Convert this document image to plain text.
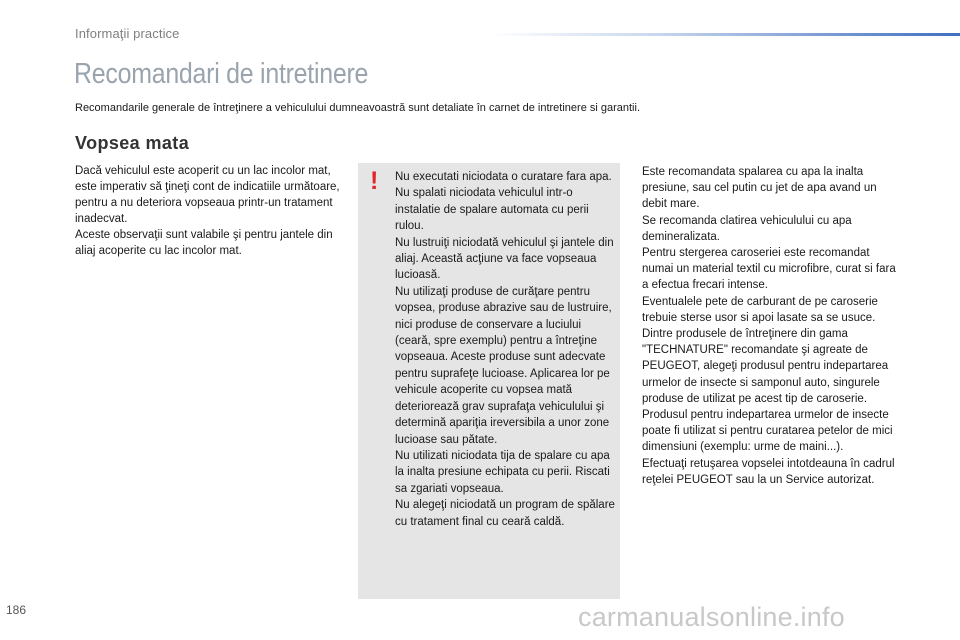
Informaţii practice
Recomandari de intretinere
Recomandarile generale de întreţinere a vehiculului dumneavoastră sunt detaliate în carnet de intretinere si garantii.
Vopsea mata

Dacă vehiculul este acoperit cu un lac incolor mat, este imperativ să ţineţi cont de indicatiile următoare, pentru a nu deteriora vopseaua printr-un tratament inadecvat.

Aceste observaţii sunt valabile şi pentru jantele din aliaj acoperite cu lac incolor mat.

! Nu executati niciodata o curatare fara apa.

Nu spalati niciodata vehiculul intr-o instalatie de spalare automata cu perii rulou.

Nu lustruiţi niciodată vehiculul şi jantele din aliaj. Această acţiune va face vopseaua lucioasă.

Nu utilizaţi produse de curăţare pentru vopsea, produse abrazive sau de lustruire, nici produse de conservare a luciului (ceară, spre exemplu) pentru a întreţine vopseaua. Aceste produse sunt adecvate pentru suprafeţe lucioase. Aplicarea lor pe vehicule acoperite cu vopsea mată deteriorează grav suprafaţa vehiculului şi determină apariţia ireversibila a unor zone lucioase sau pătate.

Nu utilizati niciodata tija de spalare cu apa la inalta presiune echipata cu perii. Riscati sa zgariati vopseaua.

Nu alegeţi niciodată un program de spălare cu tratament final cu ceară caldă.

Este recomandata spalarea cu apa la inalta presiune, sau cel putin cu jet de apa avand un debit mare.

Se recomanda clatirea vehiculului cu apa demineralizata.

Pentru stergerea caroseriei este recomandat numai un material textil cu microfibre, curat si fara a efectua frecari intense.

Eventualele pete de carburant de pe caroserie trebuie sterse usor si apoi lasate sa se usuce.

Dintre produsele de întreţinere din gama "TECHNATURE" recomandate şi agreate de PEUGEOT, alegeţi produsul pentru indepartarea urmelor de insecte si samponul auto, singurele produse de utilizat pe acest tip de caroserie.

Produsul pentru indepartarea urmelor de insecte poate fi utilizat si pentru curatarea petelor de mici dimensiuni (exemplu: urme de maini...).

Efectuaţi retuşarea vopselei intotdeauna în cadrul reţelei PEUGEOT sau la un Service autorizat.

186	carmanualsonline.info
